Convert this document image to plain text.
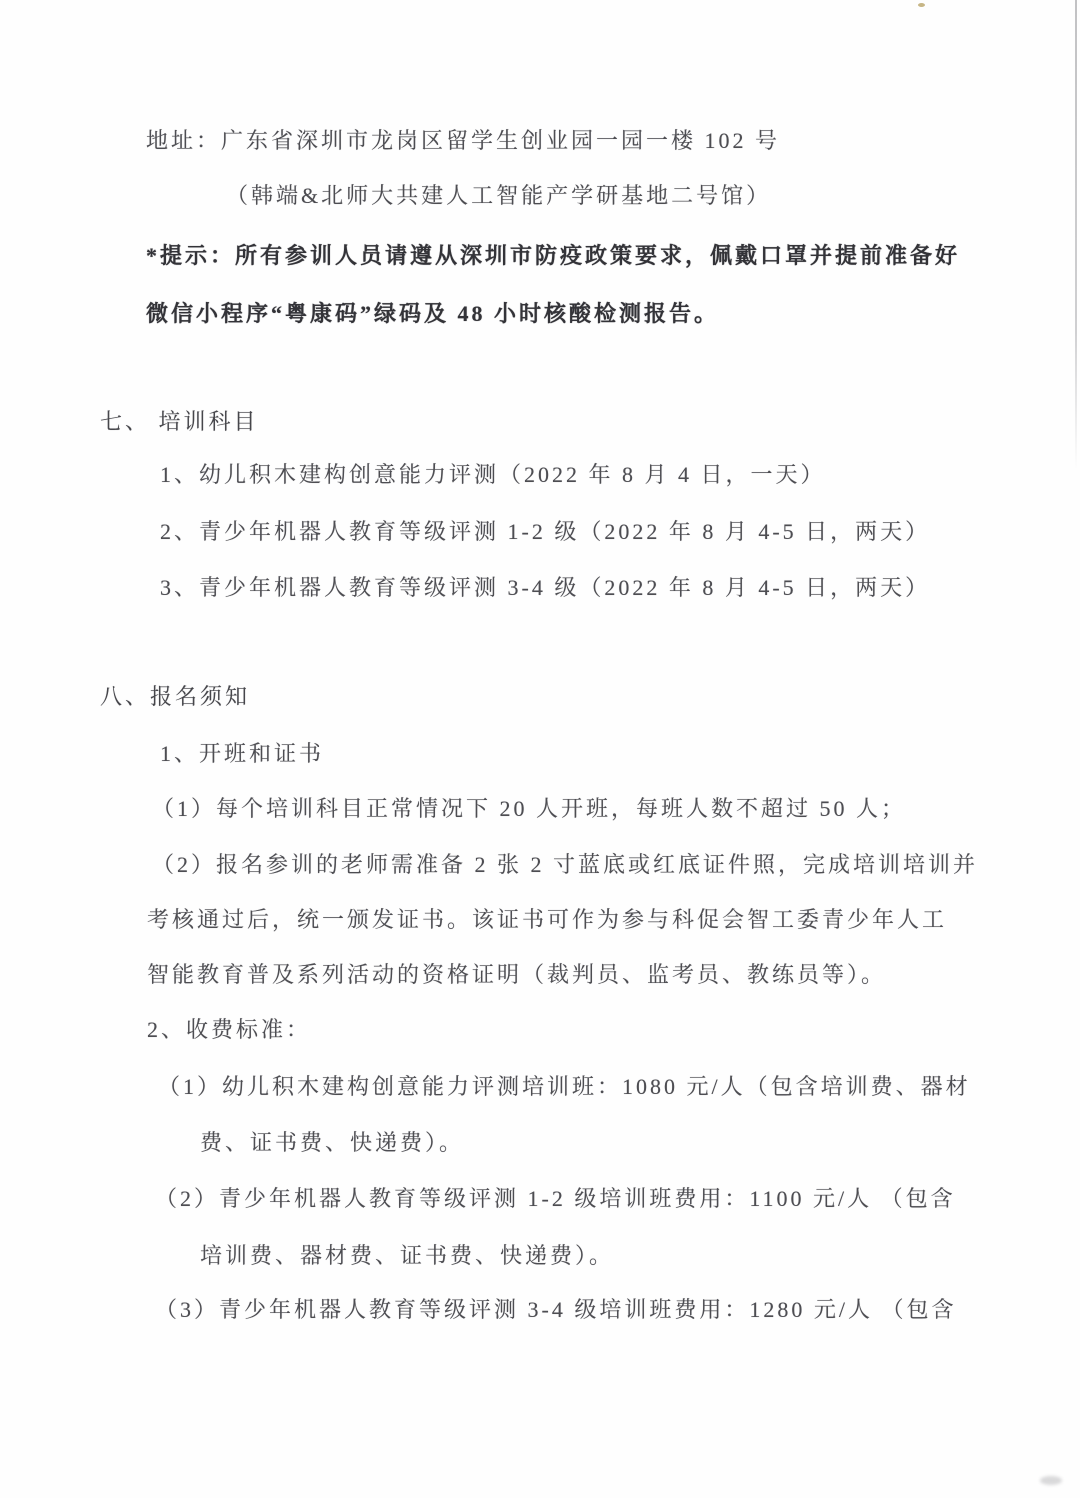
地址：广东省深圳市龙岗区留学生创业园一园一楼 102 号
（韩端&北师大共建人工智能产学研基地二号馆）
*提示：所有参训人员请遵从深圳市防疫政策要求，佩戴口罩并提前准备好
微信小程序“粤康码”绿码及 48 小时核酸检测报告。
七、 培训科目
1、幼儿积木建构创意能力评测（2022 年 8 月 4 日，一天）
2、青少年机器人教育等级评测 1-2 级（2022 年 8 月 4-5 日，两天）
3、青少年机器人教育等级评测 3-4 级（2022 年 8 月 4-5 日，两天）
八、报名须知
1、开班和证书
（1）每个培训科目正常情况下 20 人开班，每班人数不超过 50 人；
（2）报名参训的老师需准备 2 张 2 寸蓝底或红底证件照，完成培训培训并
考核通过后，统一颁发证书。该证书可作为参与科促会智工委青少年人工
智能教育普及系列活动的资格证明（裁判员、监考员、教练员等）。
2、收费标准：
（1）幼儿积木建构创意能力评测培训班：1080 元/人（包含培训费、器材
费、证书费、快递费）。
（2）青少年机器人教育等级评测 1-2 级培训班费用：1100 元/人 （包含
培训费、器材费、证书费、快递费）。
（3）青少年机器人教育等级评测 3-4 级培训班费用：1280 元/人 （包含
